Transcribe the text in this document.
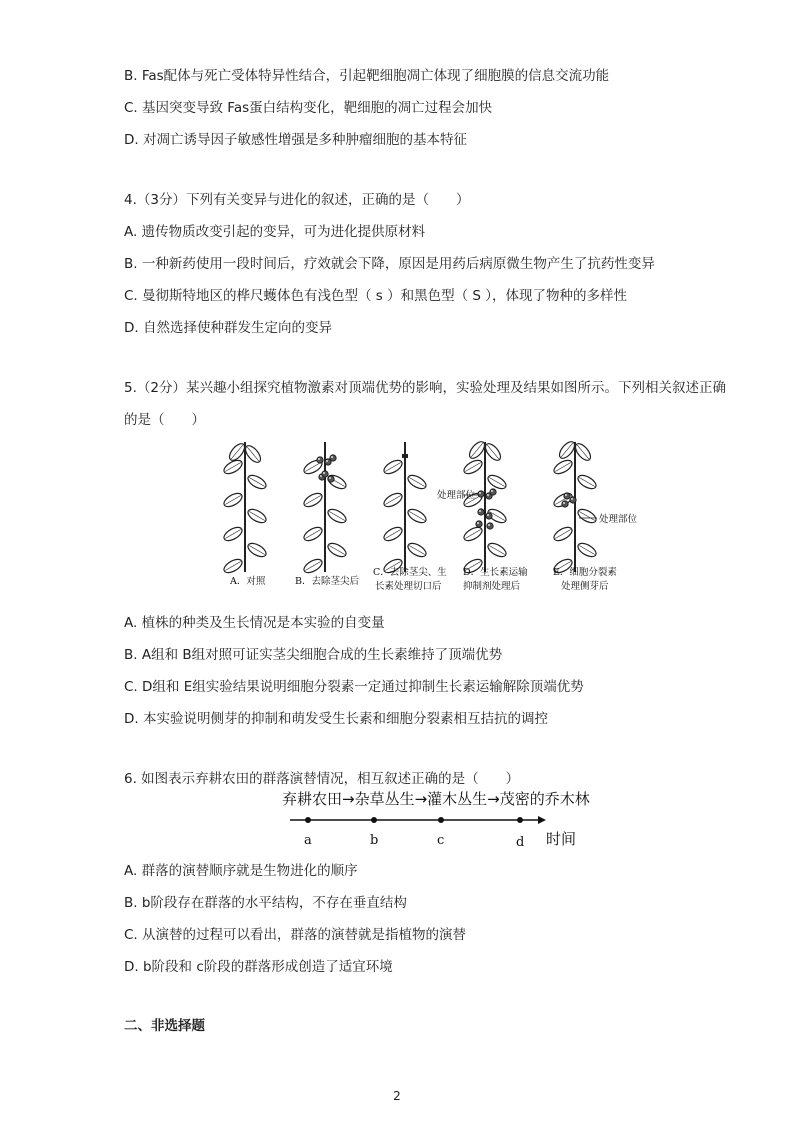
B. Fas配体与死亡受体特异性结合，引起靶细胞凋亡体现了细胞膜的信息交流功能
C. 基因突变导致 Fas蛋白结构变化，靶细胞的凋亡过程会加快
D. 对凋亡诱导因子敏感性增强是多种肿瘤细胞的基本特征
4.（3分）下列有关变异与进化的叙述，正确的是（　　）
A. 遗传物质改变引起的变异，可为进化提供原材料
B. 一种新药使用一段时间后，疗效就会下降，原因是用药后病原微生物产生了抗药性变异
C. 曼彻斯特地区的桦尺蠖体色有浅色型（ s ）和黑色型（ S ），体现了物种的多样性
D. 自然选择使种群发生定向的变异
5.（2分）某兴趣小组探究植物激素对顶端优势的影响，实验处理及结果如图所示。下列相关叙述正确
的是（　　）
处理部位
处理部位
A．对照	B．去除茎尖后
C．去除茎尖、生
长素处理切口后
D．生长素运输
抑制剂处理后
E．细胞分裂素
处理侧芽后
A. 植株的种类及生长情况是本实验的自变量
B. A组和 B组对照可证实茎尖细胞合成的生长素维持了顶端优势
C. D组和 E组实验结果说明细胞分裂素一定通过抑制生长素运输解除顶端优势
D. 本实验说明侧芽的抑制和萌发受生长素和细胞分裂素相互拮抗的调控
6. 如图表示弃耕农田的群落演替情况，相互叙述正确的是（　　）
弃耕农田→杂草丛生→灌木丛生→茂密的乔木林
a	b	c	d 时间
A. 群落的演替顺序就是生物进化的顺序
B. b阶段存在群落的水平结构，不存在垂直结构
C. 从演替的过程可以看出，群落的演替就是指植物的演替
D. b阶段和 c阶段的群落形成创造了适宜环境
二、非选择题
2
